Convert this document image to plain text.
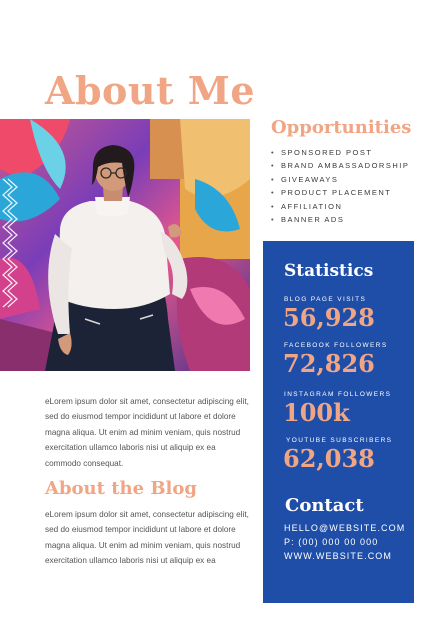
About Me
Opportunities
• SPONSORED POST
• BRAND AMBASSADORSHIP
• GIVEAWAYS
• PRODUCT PLACEMENT
• AFFILIATION
• BANNER ADS
Statistics
BLOG PAGE VISITS
56,928
FACEBOOK FOLLOWERS
72,826
INSTAGRAM FOLLOWERS
100k
YOUTUBE SUBSCRIBERS
62,038
Contact
HELLO@WEBSITE.COM
P: (00) 000 00 000
WWW.WEBSITE.COM
eLorem ipsum dolor sit amet, consectetur adipiscing elit,
sed do eiusmod tempor incididunt ut labore et dolore
magna aliqua. Ut enim ad minim veniam, quis nostrud
exercitation ullamco laboris nisi ut aliquip ex ea
commodo consequat.
About the Blog
eLorem ipsum dolor sit amet, consectetur adipiscing elit,
sed do eiusmod tempor incididunt ut labore et dolore
magna aliqua. Ut enim ad minim veniam, quis nostrud
exercitation ullamco laboris nisi ut aliquip ex ea
